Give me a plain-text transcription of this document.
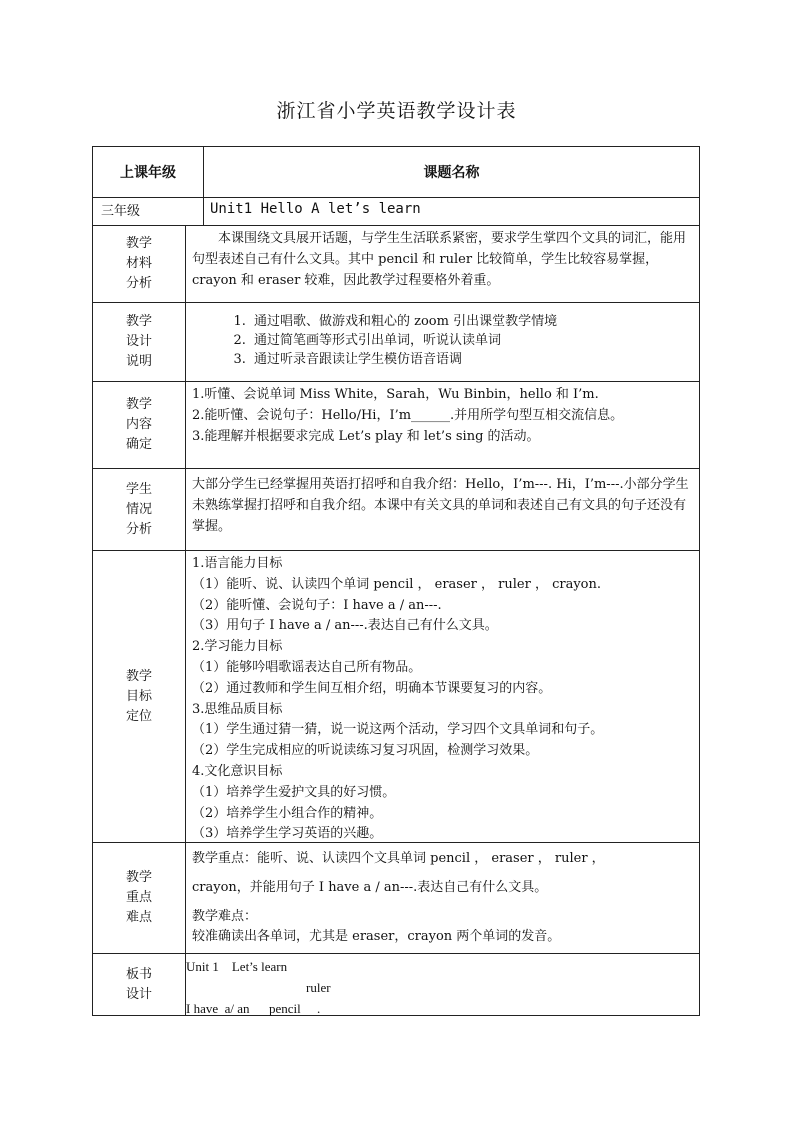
浙江省小学英语教学设计表
上课年级	课题名称
三年级	Unit1 Hello A let’s learn
教学
材料
分析

本课围绕文具展开话题，与学生生活联系紧密，要求学生掌四个文具的词汇，能用句型表述自己有什么文具。其中 pencil 和 ruler 比较简单，学生比较容易掌握，crayon 和 eraser 较难，因此教学过程要格外着重。

教学
设计
说明
1. 通过唱歌、做游戏和粗心的 zoom 引出课堂教学情境
2. 通过简笔画等形式引出单词，听说认读单词
3. 通过听录音跟读让学生模仿语音语调
教学
内容
确定

1.听懂、会说单词 Miss White，Sarah，Wu Binbin，hello 和 I’m.

2.能听懂、会说句子：Hello/Hi，I’m______.并用所学句型互相交流信息。

3.能理解并根据要求完成 Let’s play 和 let’s sing 的活动。

学生
情况
分析

大部分学生已经掌握用英语打招呼和自我介绍：Hello，I’m---. Hi，I’m---.小部分学生未熟练掌握打招呼和自我介绍。本课中有关文具的单词和表述自己有文具的句子还没有掌握。

教学
目标
定位

1.语言能力目标

（1）能听、说、认读四个单词 pencil ， eraser ， ruler ， crayon.

（2）能听懂、会说句子：I have a / an---.

（3）用句子 I have a / an---.表达自己有什么文具。

2.学习能力目标

（1）能够吟唱歌谣表达自己所有物品。

（2）通过教师和学生间互相介绍，明确本节课要复习的内容。

3.思维品质目标

（1）学生通过猜一猜，说一说这两个活动，学习四个文具单词和句子。

（2）学生完成相应的听说读练习复习巩固，检测学习效果。

4.文化意识目标

（1）培养学生爱护文具的好习惯。

（2）培养学生小组合作的精神。

（3）培养学生学习英语的兴趣。

教学
重点
难点

教学重点：能听、说、认读四个文具单词 pencil ， eraser ， ruler ，

crayon，并能用句子 I have a / an---.表达自己有什么文具。

教学难点：

较准确读出各单词，尤其是 eraser，crayon 两个单词的发音。

板书
设计
Unit 1    Let’s learn
ruler
I have  a/ an      pencil     .
